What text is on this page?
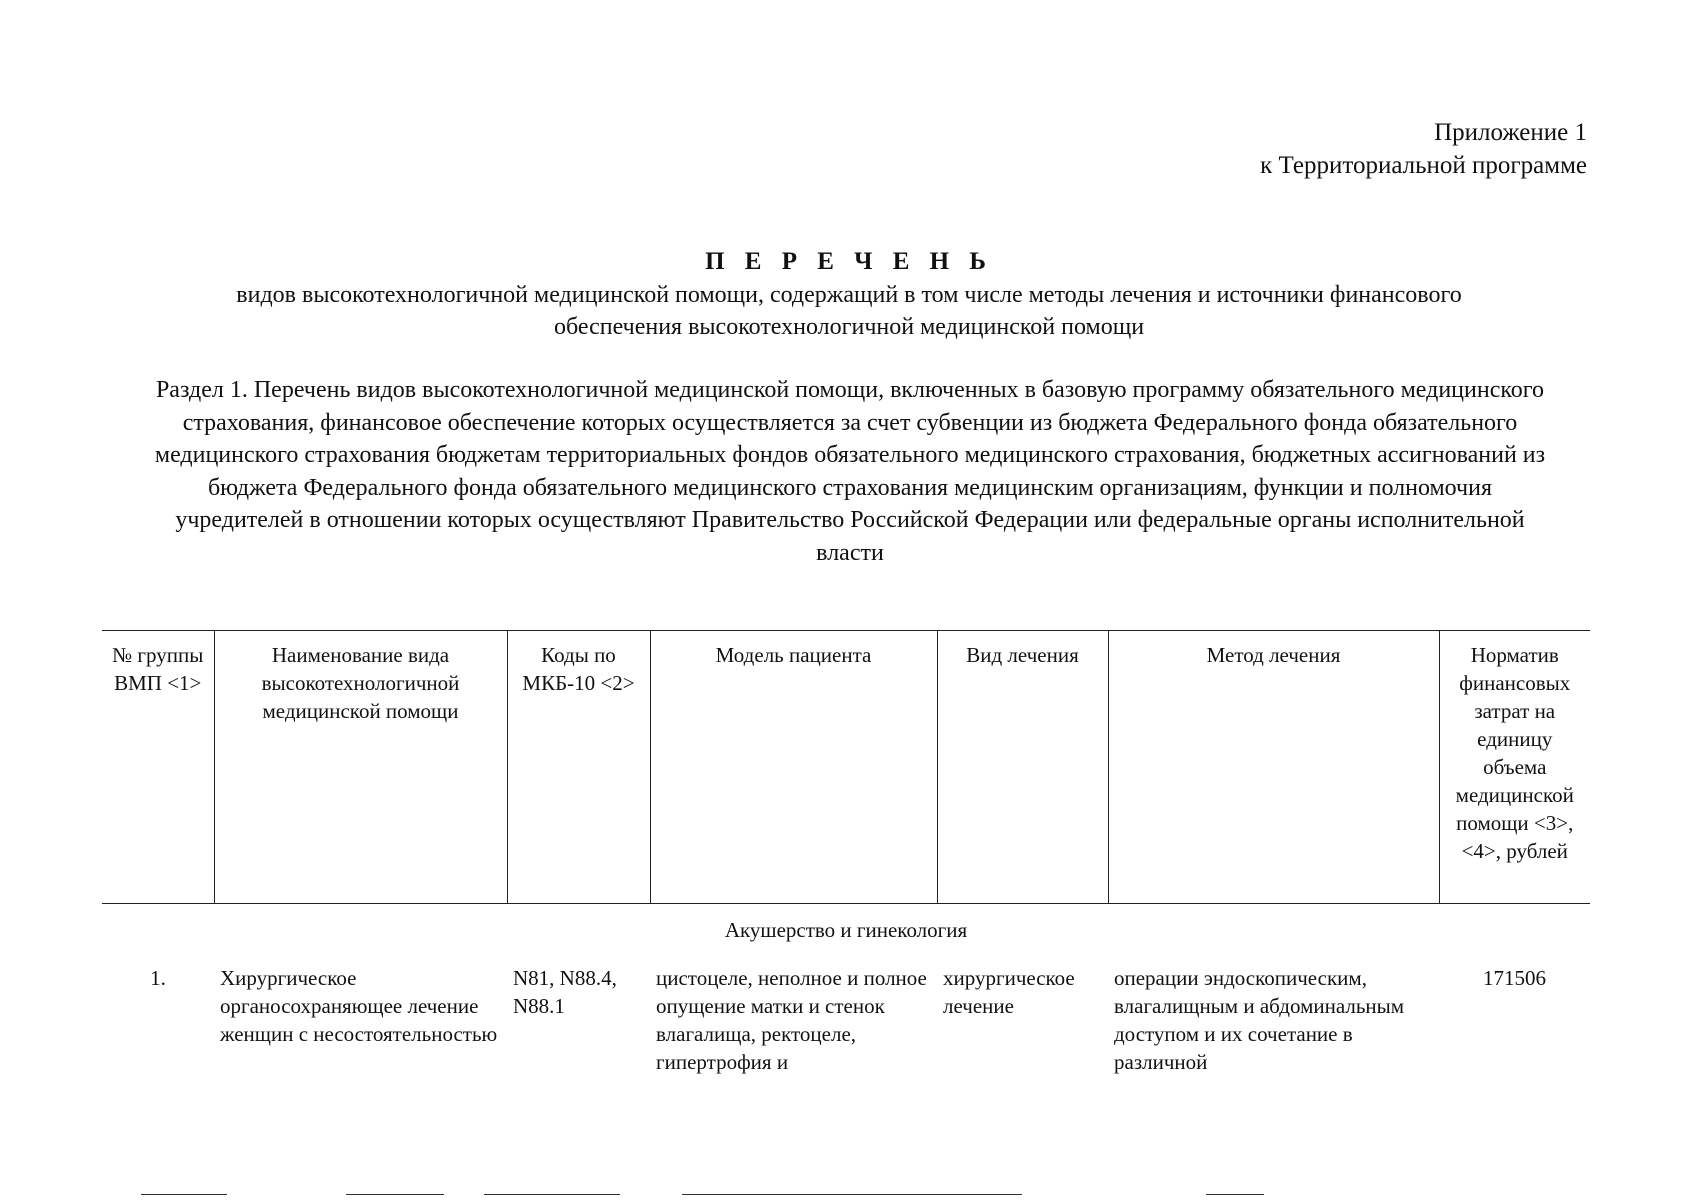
Приложение 1
к Территориальной программе
П Е Р Е Ч Е Н Ь
видов высокотехнологичной медицинской помощи, содержащий в том числе методы лечения и источники финансового обеспечения высокотехнологичной медицинской помощи
Раздел 1. Перечень видов высокотехнологичной медицинской помощи, включенных в базовую программу обязательного медицинского страхования, финансовое обеспечение которых осуществляется за счет субвенции из бюджета Федерального фонда обязательного медицинского страхования бюджетам территориальных фондов обязательного медицинского страхования, бюджетных ассигнований из бюджета Федерального фонда обязательного медицинского страхования медицинским организациям, функции и полномочия учредителей в отношении которых осуществляют Правительство Российской Федерации или федеральные органы исполнительной власти
№ группы ВМП <1>	Наименование вида высокотехнологичной медицинской помощи	Коды по МКБ-10 <2>	Модель пациента	Вид лечения	Метод лечения	Норматив финансовых затрат на единицу объема медицинской помощи <3>, <4>, рублей
Акушерство и гинекология						
1.	Хирургическое органосохраняющее лечение женщин с несостоятельностью	N81, N88.4, N88.1	цистоцеле, неполное и полное опущение матки и стенок влагалища, ректоцеле, гипертрофия и	хирургическое лечение	операции эндоскопическим, влагалищным и абдоминальным доступом и их сочетание в различной	171506
